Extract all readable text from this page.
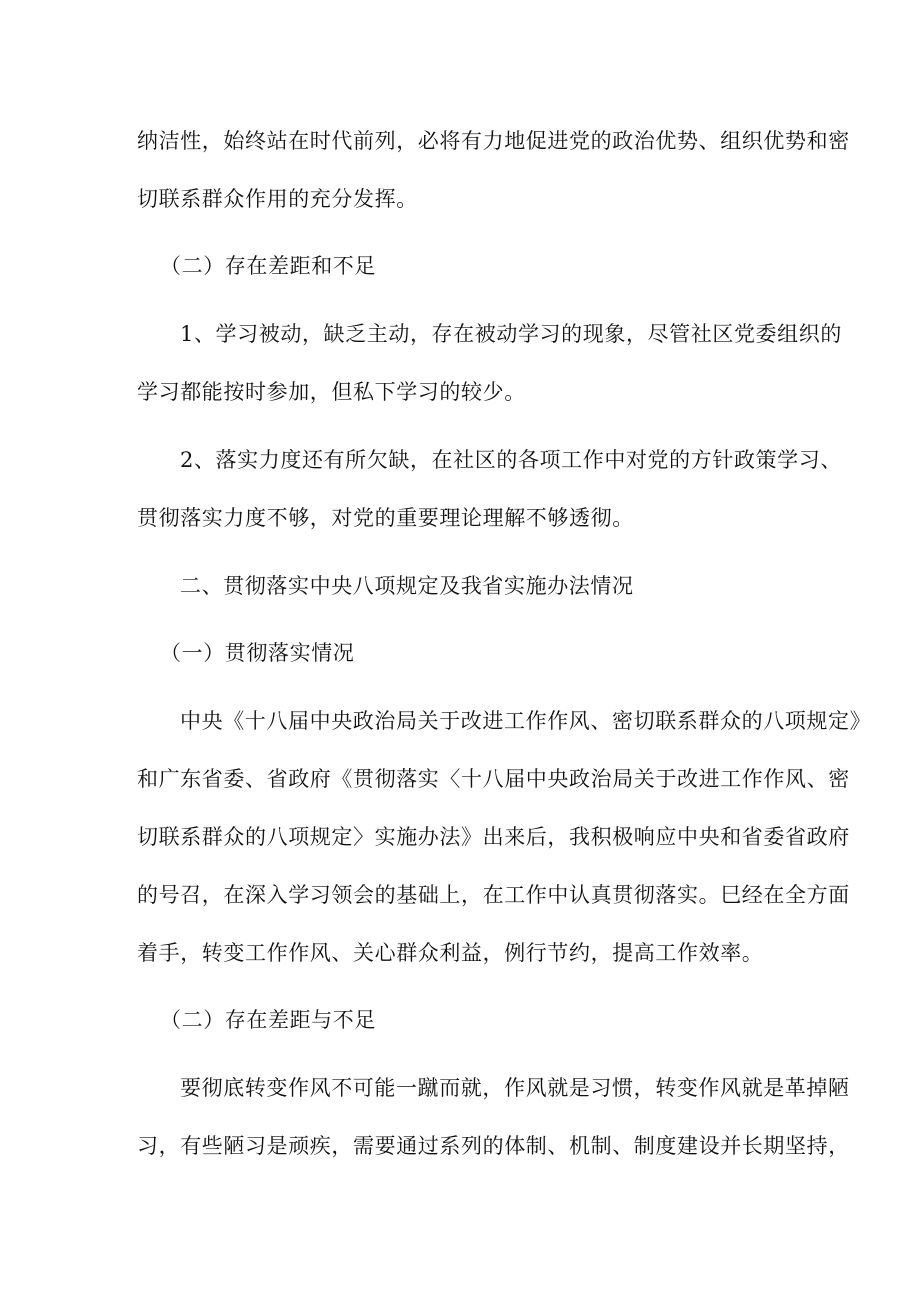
纳洁性，始终站在时代前列，必将有力地促进党的政治优势、组织优势和密
切联系群众作用的充分发挥。
（二）存在差距和不足
1、学习被动，缺乏主动，存在被动学习的现象，尽管社区党委组织的
学习都能按时参加，但私下学习的较少。
2、落实力度还有所欠缺，在社区的各项工作中对党的方针政策学习、
贯彻落实力度不够，对党的重要理论理解不够透彻。
二、贯彻落实中央八项规定及我省实施办法情况
（一）贯彻落实情况
中央《十八届中央政治局关于改进工作作风、密切联系群众的八项规定》
和广东省委、省政府《贯彻落实〈十八届中央政治局关于改进工作作风、密
切联系群众的八项规定〉实施办法》出来后，我积极响应中央和省委省政府
的号召，在深入学习领会的基础上，在工作中认真贯彻落实。巳经在全方面
着手，转变工作作风、关心群众利益，例行节约，提高工作效率。
（二）存在差距与不足
要彻底转变作风不可能一蹴而就，作风就是习惯，转变作风就是革掉陋
习，有些陋习是顽疾，需要通过系列的体制、机制、制度建设并长期坚持，
